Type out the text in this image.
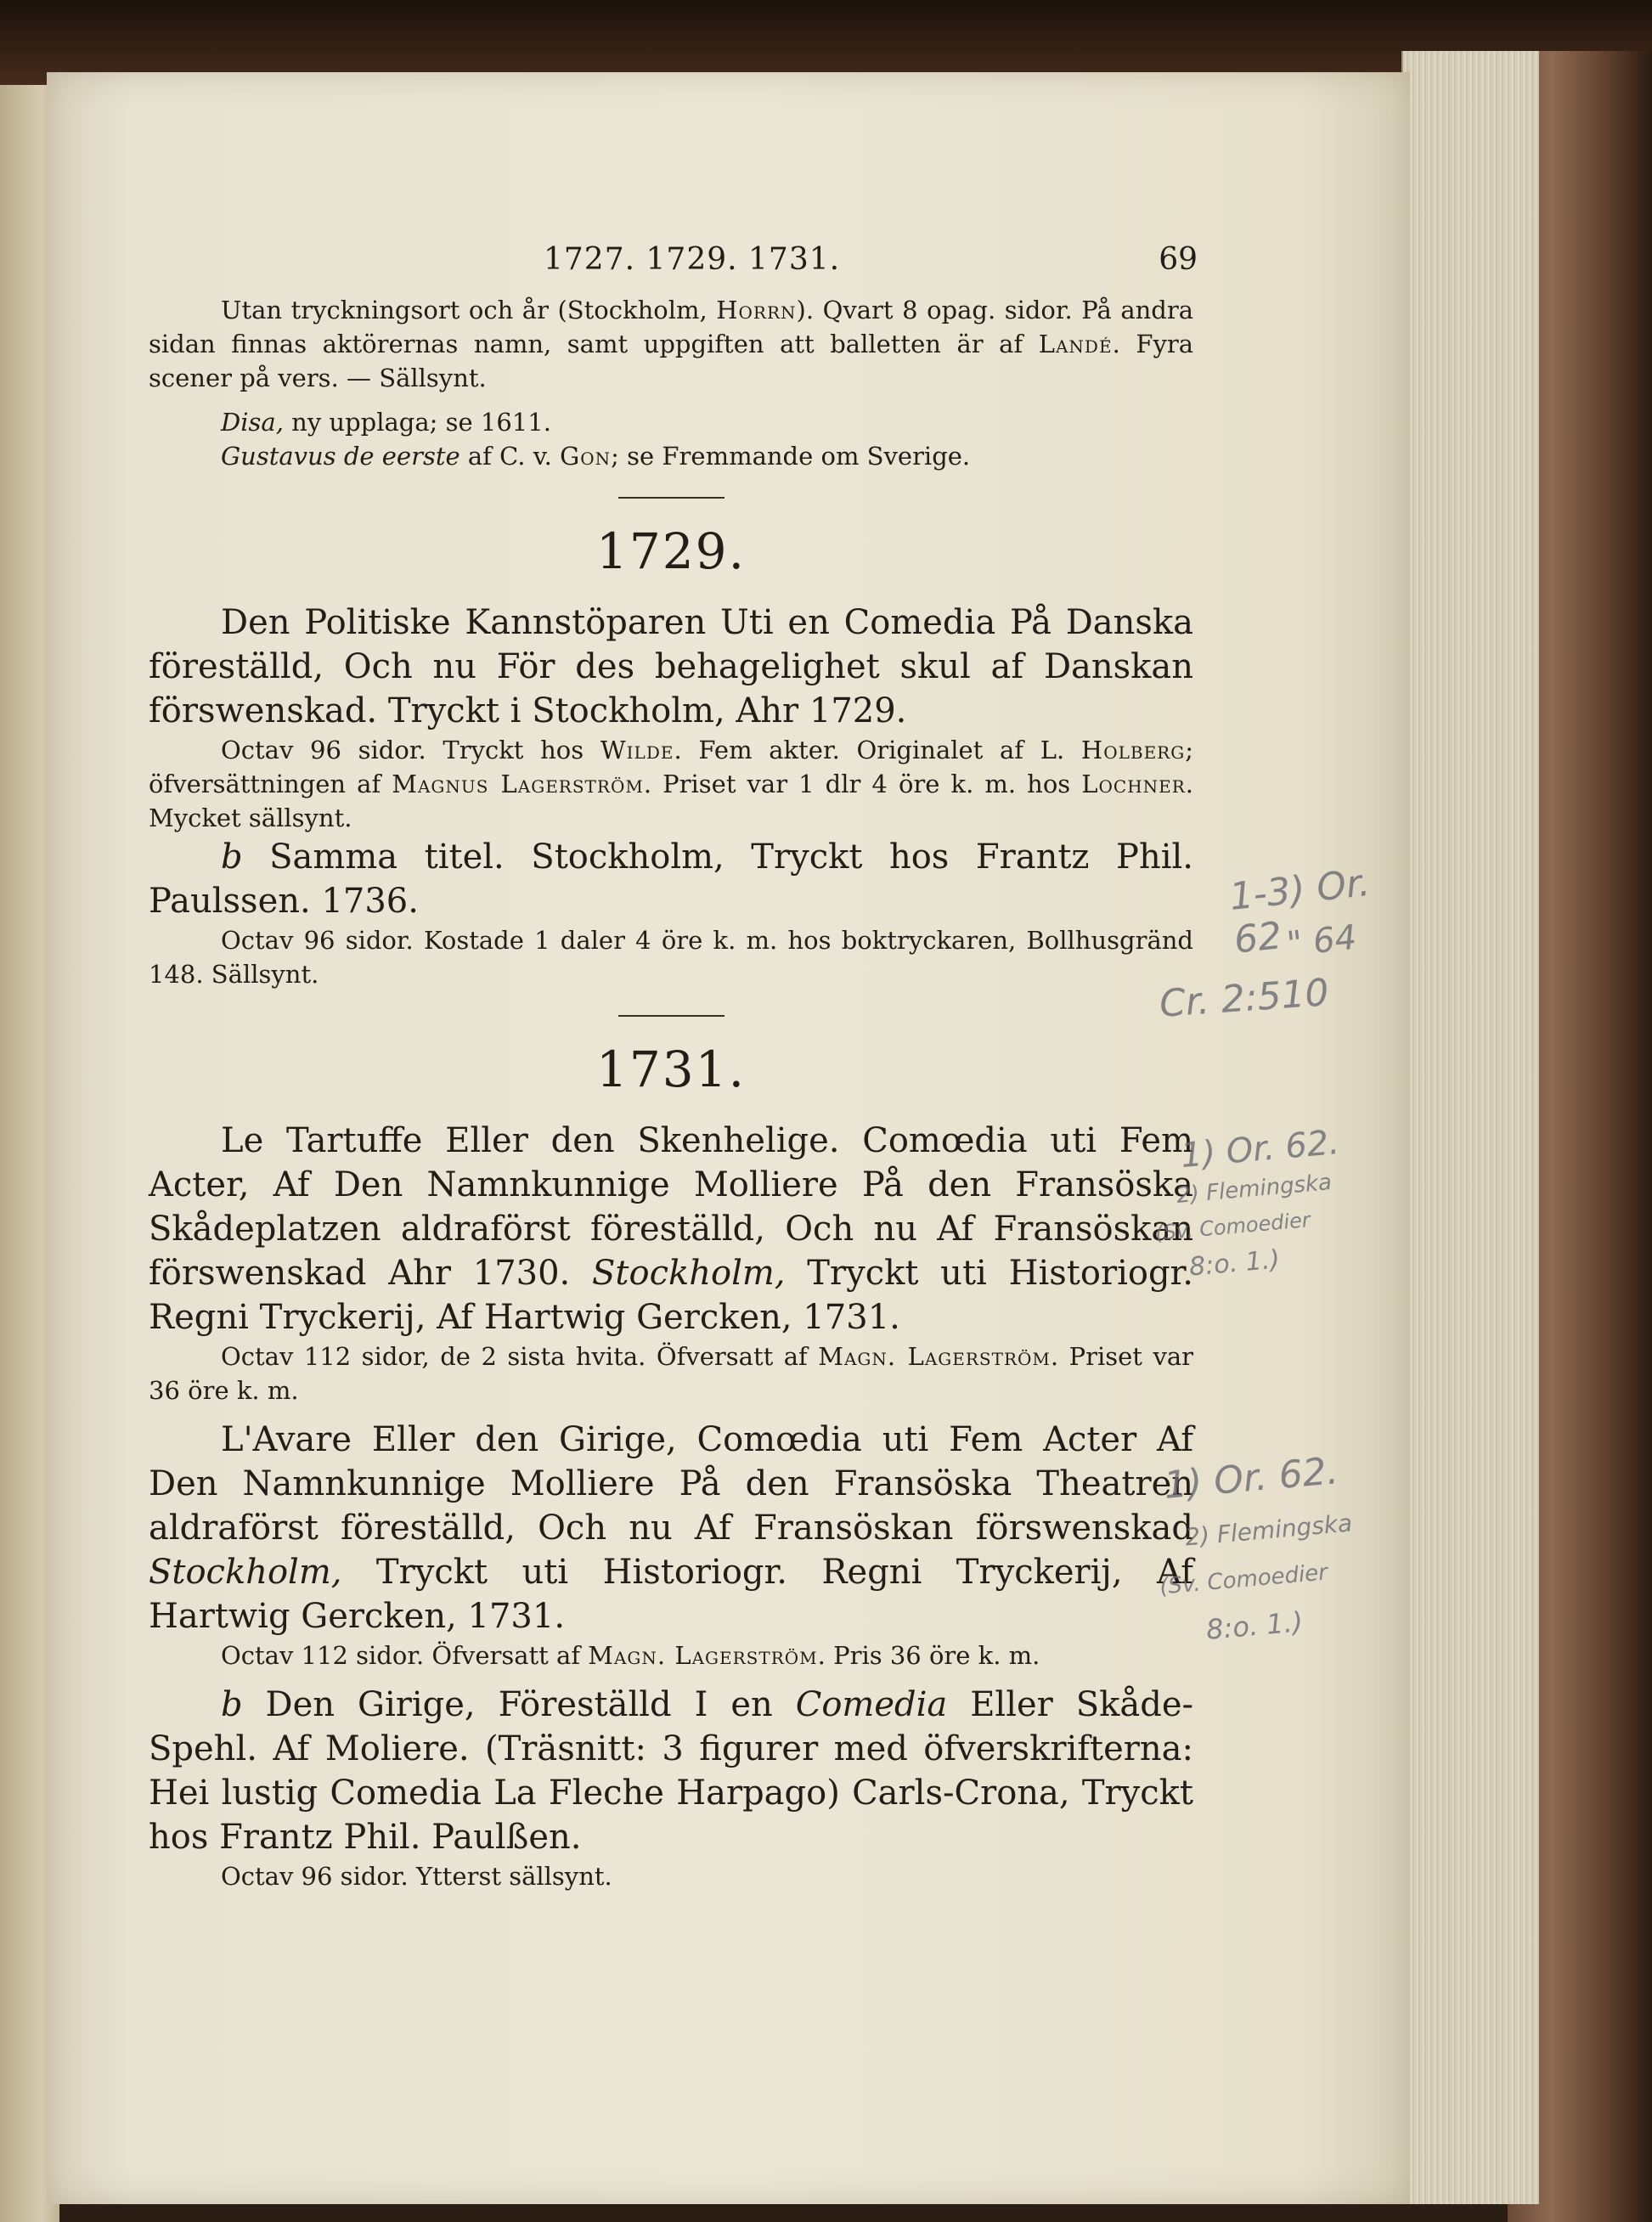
1727. 1729. 1731.	69
Utan tryckningsort och år (Stockholm, Horrn). Qvart 8 opag. sidor. På andra sidan finnas aktörernas namn, samt uppgiften att balletten är af Landé. Fyra scener på vers. — Sällsynt.
Disa, ny upplaga; se 1611.
Gustavus de eerste af C. v. Gon; se Fremmande om Sverige.
1729.
Den Politiske Kannstöparen Uti en Comedia På Danska föreställd, Och nu För des behagelighet skul af Danskan förswenskad. Tryckt i Stockholm, Ahr 1729.
Octav 96 sidor. Tryckt hos Wilde. Fem akter. Originalet af L. Holberg; öfversättningen af Magnus Lagerström. Priset var 1 dlr 4 öre k. m. hos Lochner. Mycket sällsynt.
b Samma titel. Stockholm, Tryckt hos Frantz Phil. Paulssen. 1736.
Octav 96 sidor. Kostade 1 daler 4 öre k. m. hos boktryckaren, Bollhusgränd 148. Sällsynt.
1731.
Le Tartuffe Eller den Skenhelige. Comœdia uti Fem Acter, Af Den Namnkunnige Molliere På den Fransöska Skådeplatzen aldraförst föreställd, Och nu Af Fransöskan förswenskad Ahr 1730. Stockholm, Tryckt uti Historiogr. Regni Tryckerij, Af Hartwig Gercken, 1731.
Octav 112 sidor, de 2 sista hvita. Öfversatt af Magn. Lagerström. Priset var 36 öre k. m.
L'Avare Eller den Girige, Comœdia uti Fem Acter Af Den Namnkunnige Molliere På den Fransöska Theatren aldraförst föreställd, Och nu Af Fransöskan förswenskad Stockholm, Tryckt uti Historiogr. Regni Tryckerij, Af Hartwig Gercken, 1731.
Octav 112 sidor. Öfversatt af Magn. Lagerström. Pris 36 öre k. m.
b Den Girige, Föreställd I en Comedia Eller Skåde-Spehl. Af Moliere. (Träsnitt: 3 figurer med öfverskrifterna: Hei lustig Comedia La Fleche Harpago) Carls-Crona, Tryckt hos Frantz Phil. Paulßen.
Octav 96 sidor. Ytterst sällsynt.
1-3) Or. 62 " 64
Cr. 2:510
1) Or. 62.
2) Flemingska
(Sv. Comoedier
8:o. 1.)
1) Or. 62.
2) Flemingska
(Sv. Comoedier
8:o. 1.)
